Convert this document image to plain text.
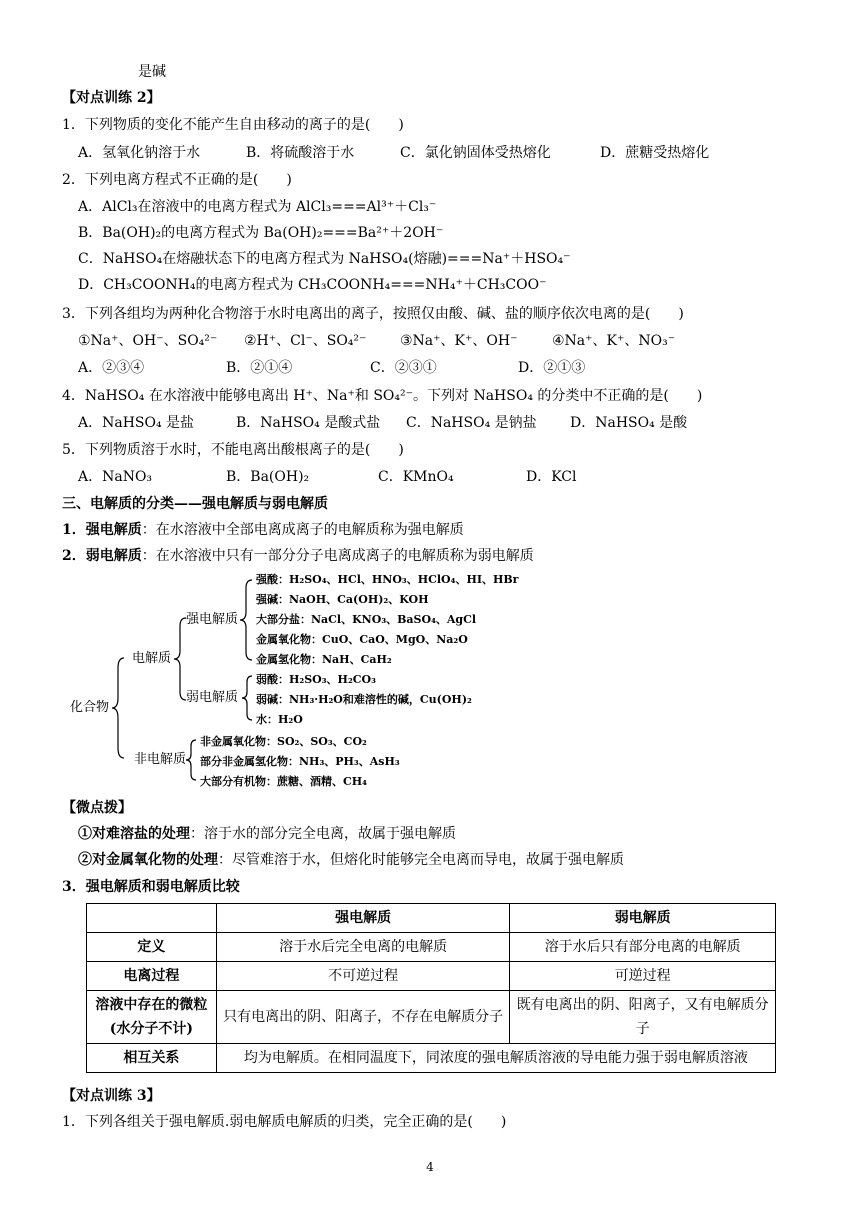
是碱
【对点训练 2】
1．下列物质的变化不能产生自由移动的离子的是(　　)
A．氢氧化钠溶于水	B．将硫酸溶于水	C．氯化钠固体受热熔化	D．蔗糖受热熔化
2．下列电离方程式不正确的是(　　)
A．AlCl₃在溶液中的电离方程式为 AlCl₃===Al³⁺＋Cl₃⁻
B．Ba(OH)₂的电离方程式为 Ba(OH)₂===Ba²⁺＋2OH⁻
C．NaHSO₄在熔融状态下的电离方程式为 NaHSO₄(熔融)===Na⁺＋HSO₄⁻
D．CH₃COONH₄的电离方程式为 CH₃COONH₄===NH₄⁺＋CH₃COO⁻
3．下列各组均为两种化合物溶于水时电离出的离子，按照仅由酸、碱、盐的顺序依次电离的是(　　)
①Na⁺、OH⁻、SO₄²⁻ ②H⁺、Cl⁻、SO₄²⁻ ③Na⁺、K⁺、OH⁻ ④Na⁺、K⁺、NO₃⁻
A．②③④	B．②①④	C．②③①	D．②①③
4．NaHSO₄ 在水溶液中能够电离出 H⁺、Na⁺和 SO₄²⁻。下列对 NaHSO₄ 的分类中不正确的是(　　)
A．NaHSO₄ 是盐	B．NaHSO₄ 是酸式盐 C．NaHSO₄ 是钠盐 D．NaHSO₄ 是酸
5．下列物质溶于水时，不能电离出酸根离子的是(　　)
A．NaNO₃	B．Ba(OH)₂	C．KMnO₄	D．KCl
三、电解质的分类——强电解质与弱电解质
1．强电解质：在水溶液中全部电离成离子的电解质称为强电解质
2．弱电解质：在水溶液中只有一部分分子电离成离子的电解质称为弱电解质
化合物
电解质
强电解质
弱电解质
非电解质
强酸：H₂SO₄、HCl、HNO₃、HClO₄、HI、HBr
强碱：NaOH、Ca(OH)₂、KOH
大部分盐：NaCl、KNO₃、BaSO₄、AgCl
金属氧化物：CuO、CaO、MgO、Na₂O
金属氢化物：NaH、CaH₂
弱酸：H₂SO₃、H₂CO₃
弱碱：NH₃·H₂O和难溶性的碱，Cu(OH)₂
水：H₂O
非金属氧化物：SO₂、SO₃、CO₂
部分非金属氢化物：NH₃、PH₃、AsH₃
大部分有机物：蔗糖、酒精、CH₄
【微点拨】
①对难溶盐的处理：溶于水的部分完全电离，故属于强电解质
②对金属氧化物的处理：尽管难溶于水，但熔化时能够完全电离而导电，故属于强电解质
3．强电解质和弱电解质比较
	强电解质	弱电解质
定义	溶于水后完全电离的电解质	溶于水后只有部分电离的电解质
电离过程	不可逆过程	可逆过程
溶液中存在的微粒(水分子不计)	只有电离出的阴、阳离子，不存在电解质分子	既有电离出的阴、阳离子，又有电解质分子
相互关系	均为电解质。在相同温度下，同浓度的强电解质溶液的导电能力强于弱电解质溶液	
【对点训练 3】
1．下列各组关于强电解质.弱电解质电解质的归类，完全正确的是(　　)
4
